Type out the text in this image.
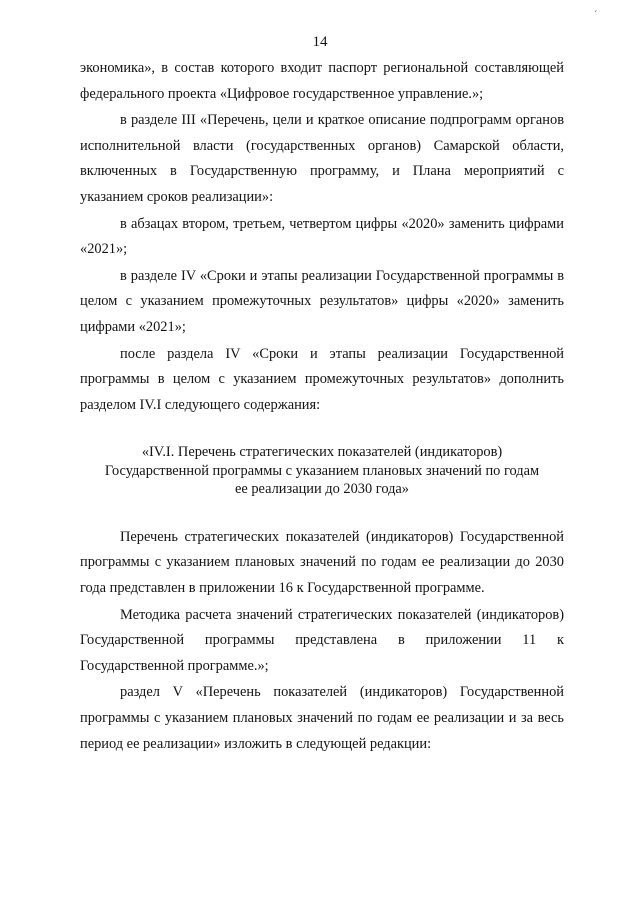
´
14

экономика», в состав которого входит паспорт региональной составляющей федерального проекта «Цифровое государственное управление.»;

в разделе III «Перечень, цели и краткое описание подпрограмм органов исполнительной власти (государственных органов) Самарской области, включенных в Государственную программу, и Плана мероприятий с указанием сроков реализации»:

в абзацах втором, третьем, четвертом цифры «2020» заменить цифрами «2021»;

в разделе IV «Сроки и этапы реализации Государственной программы в целом с указанием промежуточных результатов» цифры «2020» заменить цифрами «2021»;

после раздела IV «Сроки и этапы реализации Государственной программы в целом с указанием промежуточных результатов» дополнить разделом IV.I следующего содержания:

«IV.I. Перечень стратегических показателей (индикаторов)
Государственной программы с указанием плановых значений по годам
ее реализации до 2030 года»

Перечень стратегических показателей (индикаторов) Государственной программы с указанием плановых значений по годам ее реализации до 2030 года представлен в приложении 16 к Государственной программе.

Методика расчета значений стратегических показателей (индикаторов) Государственной программы представлена в приложении 11 к Государственной программе.»;

раздел V «Перечень показателей (индикаторов) Государственной программы с указанием плановых значений по годам ее реализации и за весь период ее реализации» изложить в следующей редакции:
